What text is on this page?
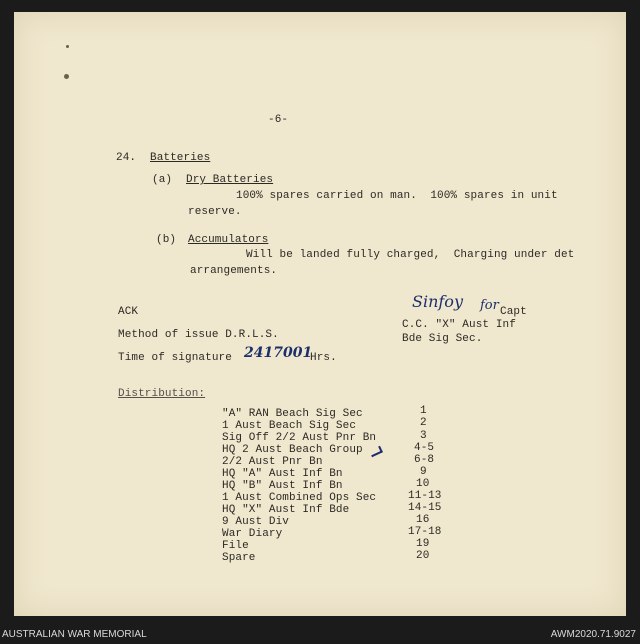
-6-
24. Batteries
(a) Dry Batteries
100% spares carried on man.  100% spares in unit
reserve.
(b) Accumulators
Will be landed fully charged,  Charging under det
arrangements.
ACK
Method of issue D.R.L.S.
Time of signature 2417001
Hrs.
Sinfoy for Capt
C.C. "X" Aust Inf
Bde Sig Sec.
Distribution:
"A" RAN Beach Sig Sec	1
1 Aust Beach Sig Sec	2
Sig Off 2/2 Aust Pnr Bn	3
HQ 2 Aust Beach Group	4-5
2/2 Aust Pnr Bn	6-8
HQ "A" Aust Inf Bn	9
HQ "B" Aust Inf Bn	10
1 Aust Combined Ops Sec	11-13
HQ "X" Aust Inf Bde	14-15
9 Aust Div	16
War Diary	17-18
File	19
Spare	20
AUSTRALIAN WAR MEMORIAL	AWM2020.71.9027
